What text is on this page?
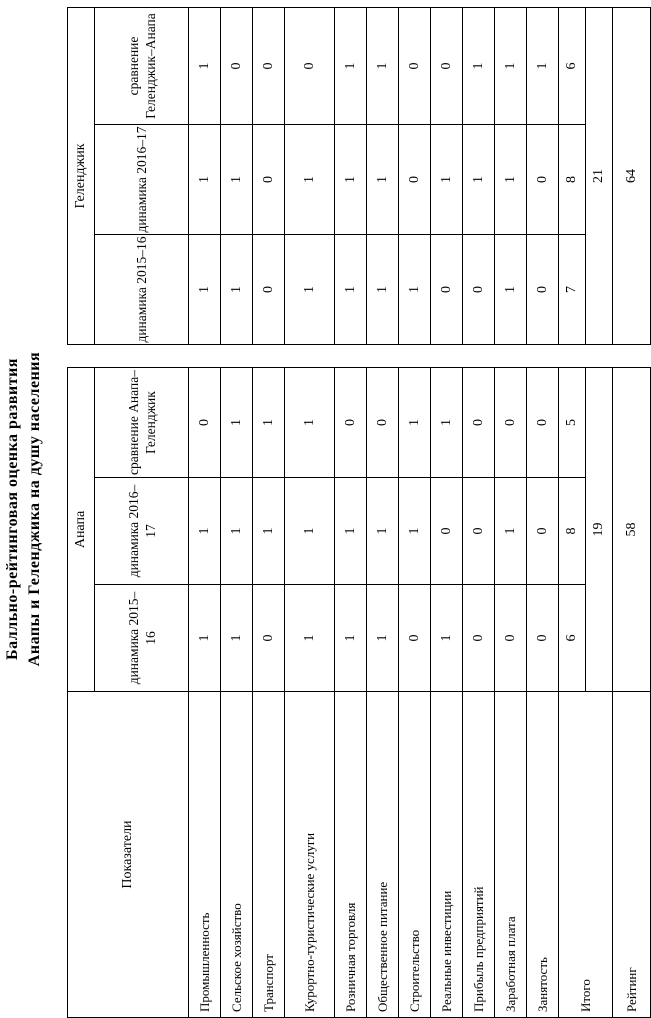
Балльно-рейтинговая оценка развития Анапы и Геленджика на душу населения
Показатели	Анапа		
	динамика 2015–16	динамика 2016–17	сравнение Анапа–Геленджик
Промышленность	1	1	0
Сельское хозяйство	1	1	1
Транспорт	0	1	1
Курортно-туристические услуги	1	1	1
Розничная торговля	1	1	0
Общественное питание	1	1	0
Строительство	0	1	1
Реальные инвестиции	1	0	1
Прибыль предприятий	0	0	0
Заработная плата	0	1	0
Занятость	0	0	0
Итого	6	8	5
	19		
Рейтинг	58		
Геленджик		
динамика 2015–16	динамика 2016–17	сравнение Геленджик–Анапа
1	1	1
1	1	0
0	0	0
1	1	0
1	1	1
1	1	1
1	0	0
0	1	0
0	1	1
1	1	1
0	0	1
7	8	6
21		
64		
